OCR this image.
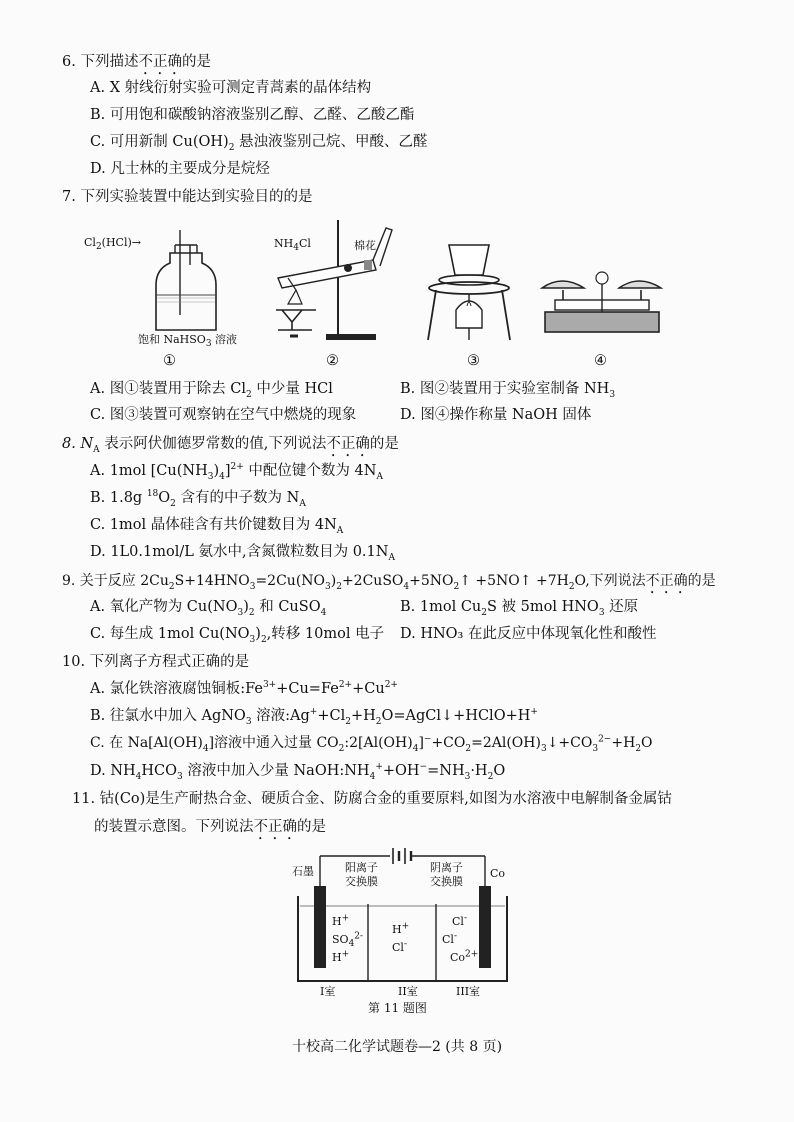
6. 下列描述不正确的是
A. X 射线衍射实验可测定青蒿素的晶体结构
B. 可用饱和碳酸钠溶液鉴别乙醇、乙醛、乙酸乙酯
C. 可用新制 $Cu(OH)_2$ 悬浊液鉴别己烷、甲酸、乙醛
D. 凡士林的主要成分是烷烃
7. 下列实验装置中能达到实验目的的是
$Cl_2(HCl)\to$
饱和 NaHSO$_3$ 溶液
①
$NH_4Cl$	棉花
②	③	④
A. 图①装置用于除去 $Cl_2$ 中少量 HCl	B. 图②装置用于实验室制备 $NH_3$
C. 图③装置可观察钠在空气中燃烧的现象	D. 图④操作称量 NaOH 固体
8. $N_A$ 表示阿伏伽德罗常数的值,下列说法不正确的是
A. 1mol $[Cu(NH_3)_4]^{2+}$ 中配位键个数为 $4N_A$
B. 1.8g $^{18}O_2$ 含有的中子数为 $N_A$
C. 1mol 晶体硅含有共价键数目为 $4N_A$
D. 1L0.1mol/L 氨水中,含氮微粒数目为 $0.1N_A$
9. 关于反应 $2Cu_2S+14HNO_3=2Cu(NO_3)_2+2CuSO_4+5NO_2↑$ +5NO↑ $+7H_2O$,下列说法不正确的是
A. 氧化产物为 $Cu(NO_3)_2$ 和 CuSO$_4$	B. 1mol $Cu_2S$ 被 5mol $HNO_3$ 还原
C. 每生成 1mol $Cu(NO_3)_2$,转移 10mol 电子 D. HNO₃ 在此反应中体现氧化性和酸性
10. 下列离子方程式正确的是
A. 氯化铁溶液腐蚀铜板$:Fe^{3+}+Cu=Fe^{2+}+Cu^{2+}$
B. 往氯水中加入 AgNO$_3$ 溶液$:Ag^++Cl_2+H_2O=AgCl↓+HClO+H^+$
C. 在 $Na[Al(OH)_4]$溶液中通入过量 $CO_2:2[Al(OH)_4]^-+CO_2=2Al(OH)_3↓+CO_3^{2-}+H_2O$
D. $NH_4HCO_3$ 溶液中加入少量 $NaOH:NH_4^++OH^-=NH_3\cdot H_2O$
11. 钴(Co)是生产耐热合金、硬质合金、防腐合金的重要原料,如图为水溶液中电解制备金属钴
的装置示意图。下列说法不正确的是
石墨	阳离子
交换膜
阴离子
交换膜
Co
H+
$SO_4^{2-}$
H+
H+
Cl-
Cl-
Cl-
$Co^{2+}$
I室	II室	III室
第 11 题图
十校高二化学试题卷—2 (共 8 页)
